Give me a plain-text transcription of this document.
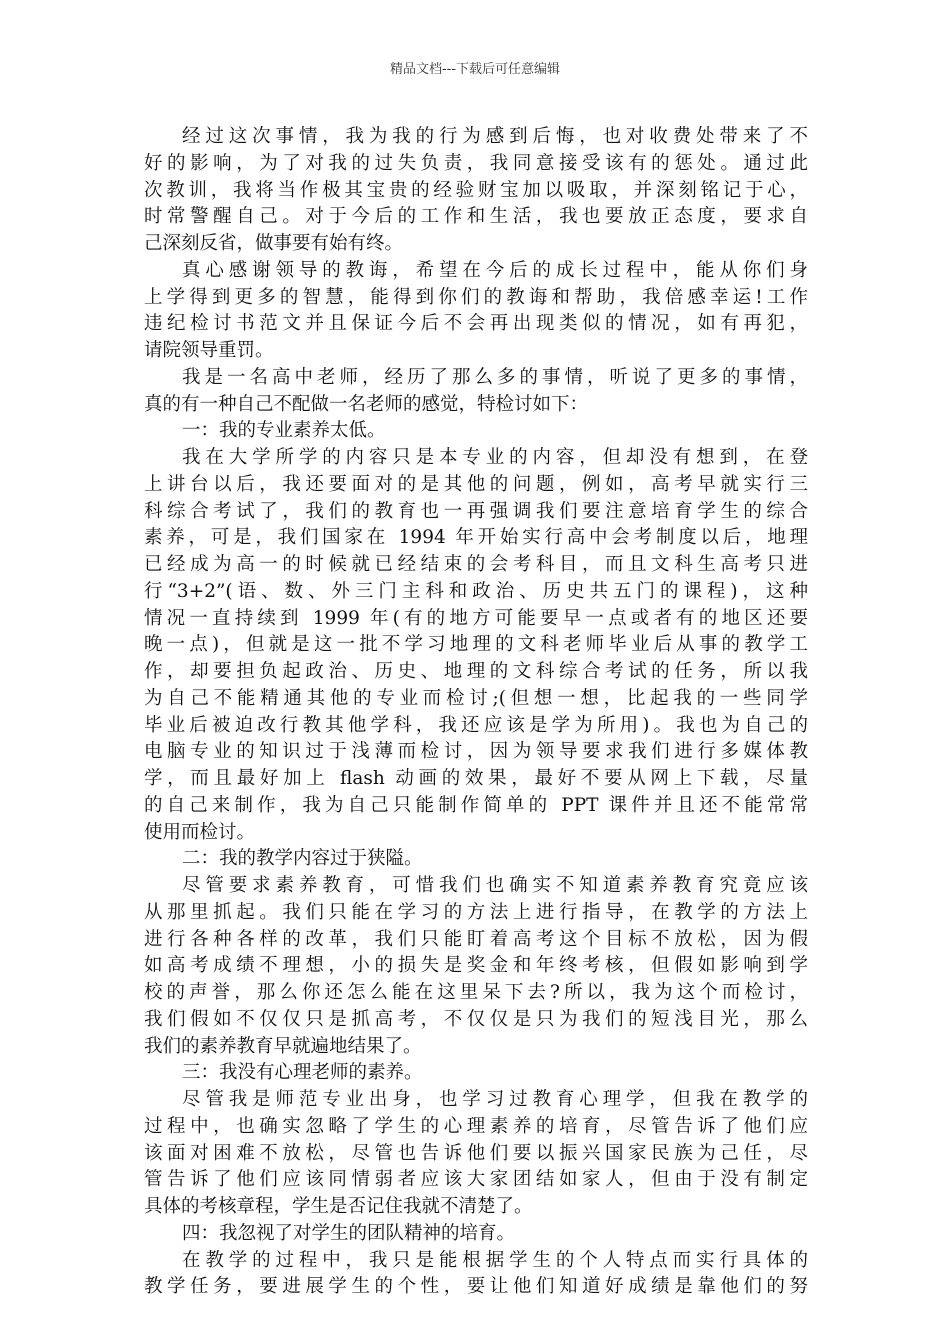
精品文档---下载后可任意编辑
经过这次事情，我为我的行为感到后悔，也对收费处带来了不
好的影响，为了对我的过失负责，我同意接受该有的惩处。通过此
次教训，我将当作极其宝贵的经验财宝加以吸取，并深刻铭记于心，
时常警醒自己。对于今后的工作和生活，我也要放正态度，要求自
己深刻反省，做事要有始有终。
真心感谢领导的教诲，希望在今后的成长过程中，能从你们身
上学得到更多的智慧，能得到你们的教诲和帮助，我倍感幸运!工作
违纪检讨书范文并且保证今后不会再出现类似的情况，如有再犯，
请院领导重罚。
我是一名高中老师，经历了那么多的事情，听说了更多的事情，
真的有一种自己不配做一名老师的感觉，特检讨如下：
一：我的专业素养太低。
我在大学所学的内容只是本专业的内容，但却没有想到，在登
上讲台以后，我还要面对的是其他的问题，例如，高考早就实行三
科综合考试了，我们的教育也一再强调我们要注意培育学生的综合
素养，可是，我们国家在 1994 年开始实行高中会考制度以后，地理
已经成为高一的时候就已经结束的会考科目，而且文科生高考只进
行“3+2”(语、数、外三门主科和政治、历史共五门的课程)，这种
情况一直持续到 1999 年(有的地方可能要早一点或者有的地区还要
晚一点)，但就是这一批不学习地理的文科老师毕业后从事的教学工
作，却要担负起政治、历史、地理的文科综合考试的任务，所以我
为自己不能精通其他的专业而检讨;(但想一想，比起我的一些同学
毕业后被迫改行教其他学科，我还应该是学为所用)。我也为自己的
电脑专业的知识过于浅薄而检讨，因为领导要求我们进行多媒体教
学，而且最好加上 flash 动画的效果，最好不要从网上下载，尽量
的自己来制作，我为自己只能制作简单的 PPT 课件并且还不能常常
使用而检讨。
二：我的教学内容过于狭隘。
尽管要求素养教育，可惜我们也确实不知道素养教育究竟应该
从那里抓起。我们只能在学习的方法上进行指导，在教学的方法上
进行各种各样的改革，我们只能盯着高考这个目标不放松，因为假
如高考成绩不理想，小的损失是奖金和年终考核，但假如影响到学
校的声誉，那么你还怎么能在这里呆下去?所以，我为这个而检讨，
我们假如不仅仅只是抓高考，不仅仅是只为我们的短浅目光，那么
我们的素养教育早就遍地结果了。
三：我没有心理老师的素养。
尽管我是师范专业出身，也学习过教育心理学，但我在教学的
过程中，也确实忽略了学生的心理素养的培育，尽管告诉了他们应
该面对困难不放松，尽管也告诉他们要以振兴国家民族为己任，尽
管告诉了他们应该同情弱者应该大家团结如家人，但由于没有制定
具体的考核章程，学生是否记住我就不清楚了。
四：我忽视了对学生的团队精神的培育。
在教学的过程中，我只是能根据学生的个人特点而实行具体的
教学任务，要进展学生的个性，要让他们知道好成绩是靠他们的努
